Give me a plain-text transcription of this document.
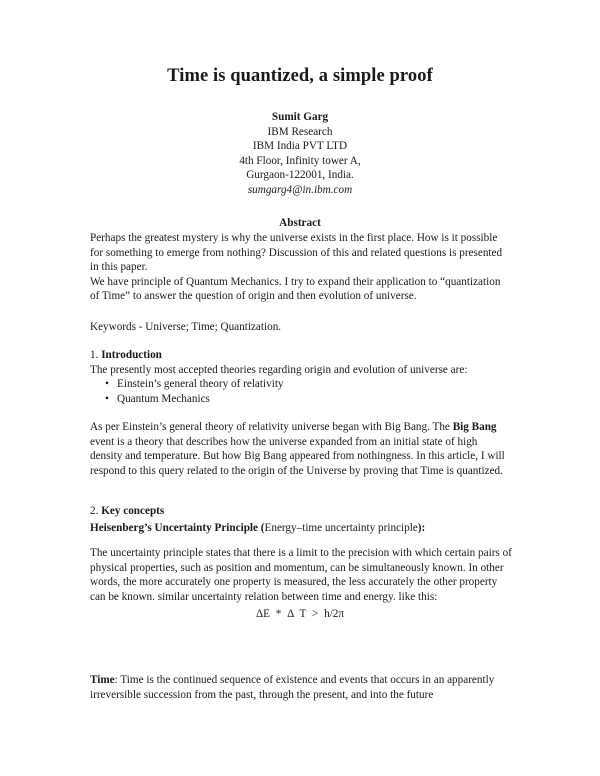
Time is quantized, a simple proof
Sumit Garg
IBM Research
IBM India PVT LTD
4th Floor, Infinity tower A,
Gurgaon-122001, India.
sumgarg4@in.ibm.com
Abstract

Perhaps the greatest mystery is why the universe exists in the first place. How is it possible for something to emerge from nothing? Discussion of this and related questions is presented in this paper.

We have principle of Quantum Mechanics. I try to expand their application to “quantization of Time” to answer the question of origin and then evolution of universe.

Keywords - Universe; Time; Quantization.

1. Introduction

The presently most accepted theories regarding origin and evolution of universe are:

• Einstein’s general theory of relativity
• Quantum Mechanics

As per Einstein’s general theory of relativity universe began with Big Bang. The Big Bang event is a theory that describes how the universe expanded from an initial state of high density and temperature. But how Big Bang appeared from nothingness. In this article, I will respond to this query related to the origin of the Universe by proving that Time is quantized.

2. Key concepts

Heisenberg’s Uncertainty Principle (Energy–time uncertainty principle):

The uncertainty principle states that there is a limit to the precision with which certain pairs of physical properties, such as position and momentum, can be simultaneously known. In other words, the more accurately one property is measured, the less accurately the other property can be known. similar uncertainty relation between time and energy. like this:
ΔE * Δ T > h/2π

Time: Time is the continued sequence of existence and events that occurs in an apparently irreversible succession from the past, through the present, and into the future
